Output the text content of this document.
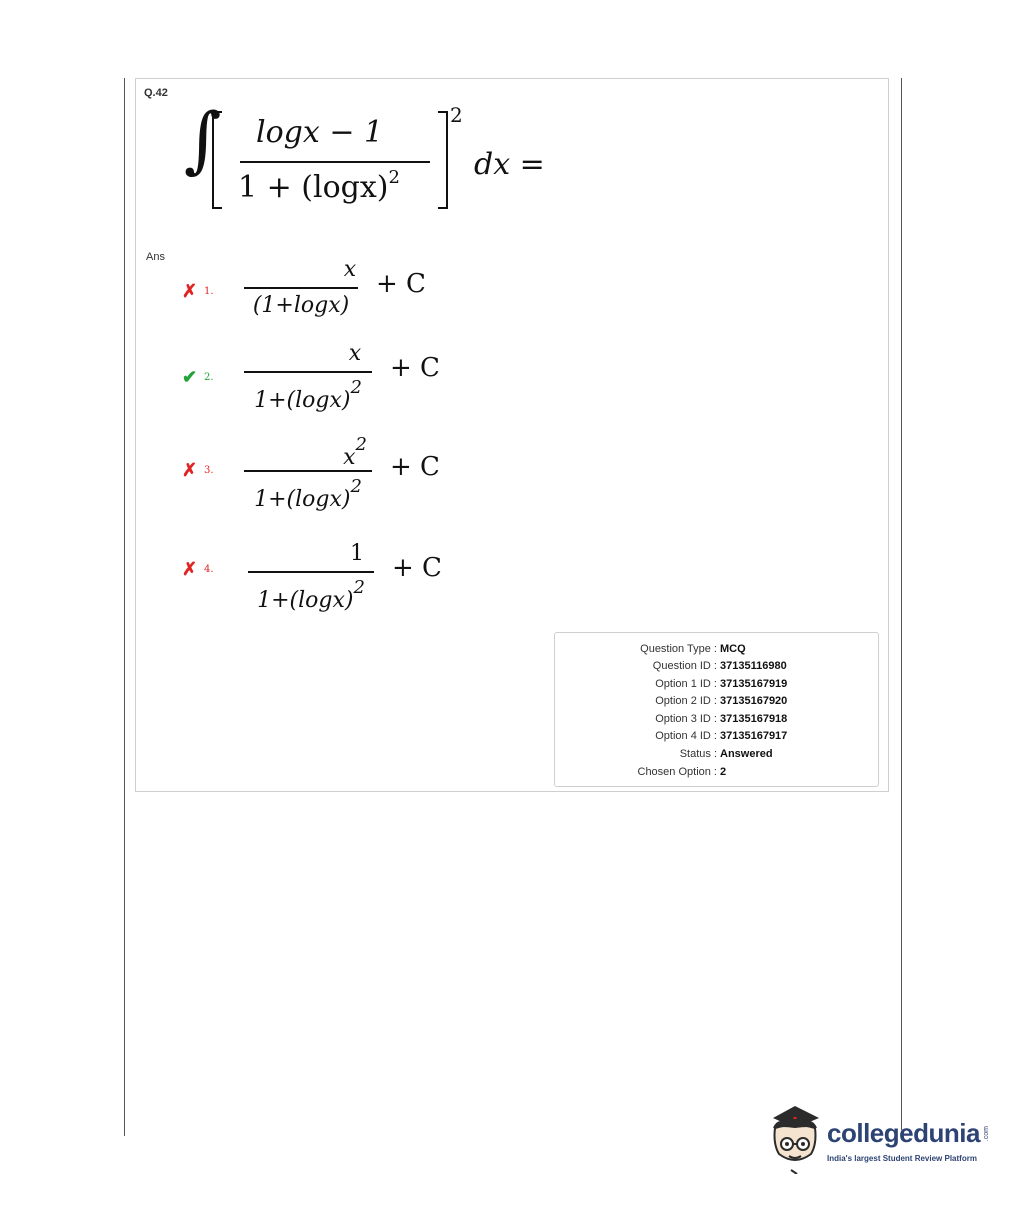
Q.42
∫ logx − 1
$1 + (\log x)^2$
2
dx =
Ans
✗ 1.
x
(1+logx)
+ C
✔ 2.
x
$1+(\log x)^2$
+ C
✗ 3.
$x^2$
$1+(\log x)^2$
+ C
✗ 4.
1
$1+(\log x)^2$
+ C
Question Type : MCQ
Question ID : 37135116980
Option 1 ID : 37135167919
Option 2 ID : 37135167920
Option 3 ID : 37135167918
Option 4 ID : 37135167917
Status : Answered
Chosen Option : 2
collegedunia .com
India's largest Student Review Platform
